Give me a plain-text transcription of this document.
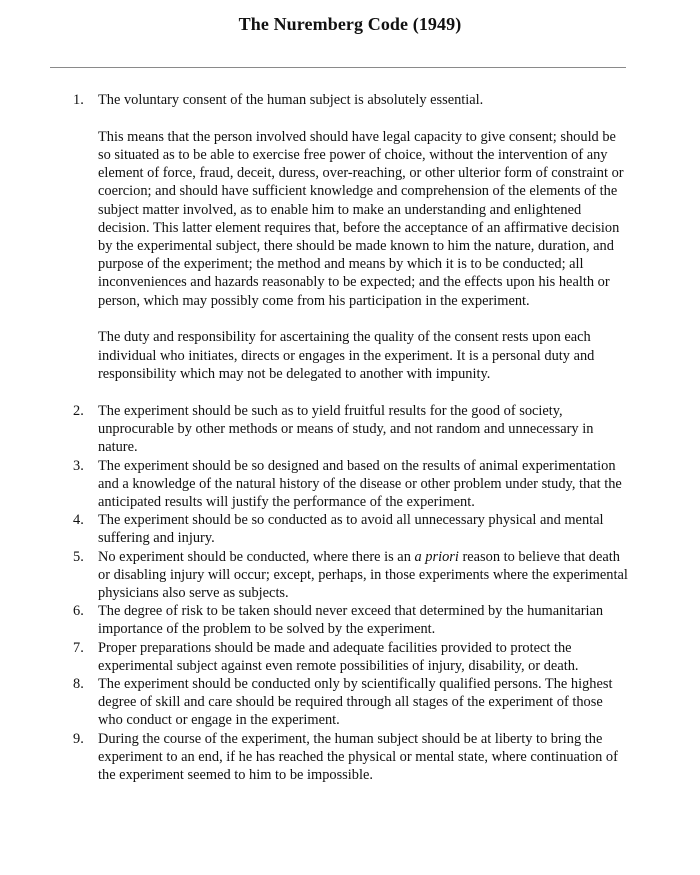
The Nuremberg Code (1949)
1. The voluntary consent of the human subject is absolutely essential.

This means that the person involved should have legal capacity to give consent; should be so situated as to be able to exercise free power of choice, without the intervention of any element of force, fraud, deceit, duress, over-reaching, or other ulterior form of constraint or coercion; and should have sufficient knowledge and comprehension of the elements of the subject matter involved, as to enable him to make an understanding and enlightened decision. This latter element requires that, before the acceptance of an affirmative decision by the experimental subject, there should be made known to him the nature, duration, and purpose of the experiment; the method and means by which it is to be conducted; all inconveniences and hazards reasonably to be expected; and the effects upon his health or person, which may possibly come from his participation in the experiment.

The duty and responsibility for ascertaining the quality of the consent rests upon each individual who initiates, directs or engages in the experiment. It is a personal duty and responsibility which may not be delegated to another with impunity.

2. The experiment should be such as to yield fruitful results for the good of society, unprocurable by other methods or means of study, and not random and unnecessary in nature.

3. The experiment should be so designed and based on the results of animal experimentation and a knowledge of the natural history of the disease or other problem under study, that the anticipated results will justify the performance of the experiment.

4. The experiment should be so conducted as to avoid all unnecessary physical and mental suffering and injury.

5. No experiment should be conducted, where there is an a priori reason to believe that death or disabling injury will occur; except, perhaps, in those experiments where the experimental physicians also serve as subjects.

6. The degree of risk to be taken should never exceed that determined by the humanitarian importance of the problem to be solved by the experiment.

7. Proper preparations should be made and adequate facilities provided to protect the experimental subject against even remote possibilities of injury, disability, or death.

8. The experiment should be conducted only by scientifically qualified persons. The highest degree of skill and care should be required through all stages of the experiment of those who conduct or engage in the experiment.

9. During the course of the experiment, the human subject should be at liberty to bring the experiment to an end, if he has reached the physical or mental state, where continuation of the experiment seemed to him to be impossible.
